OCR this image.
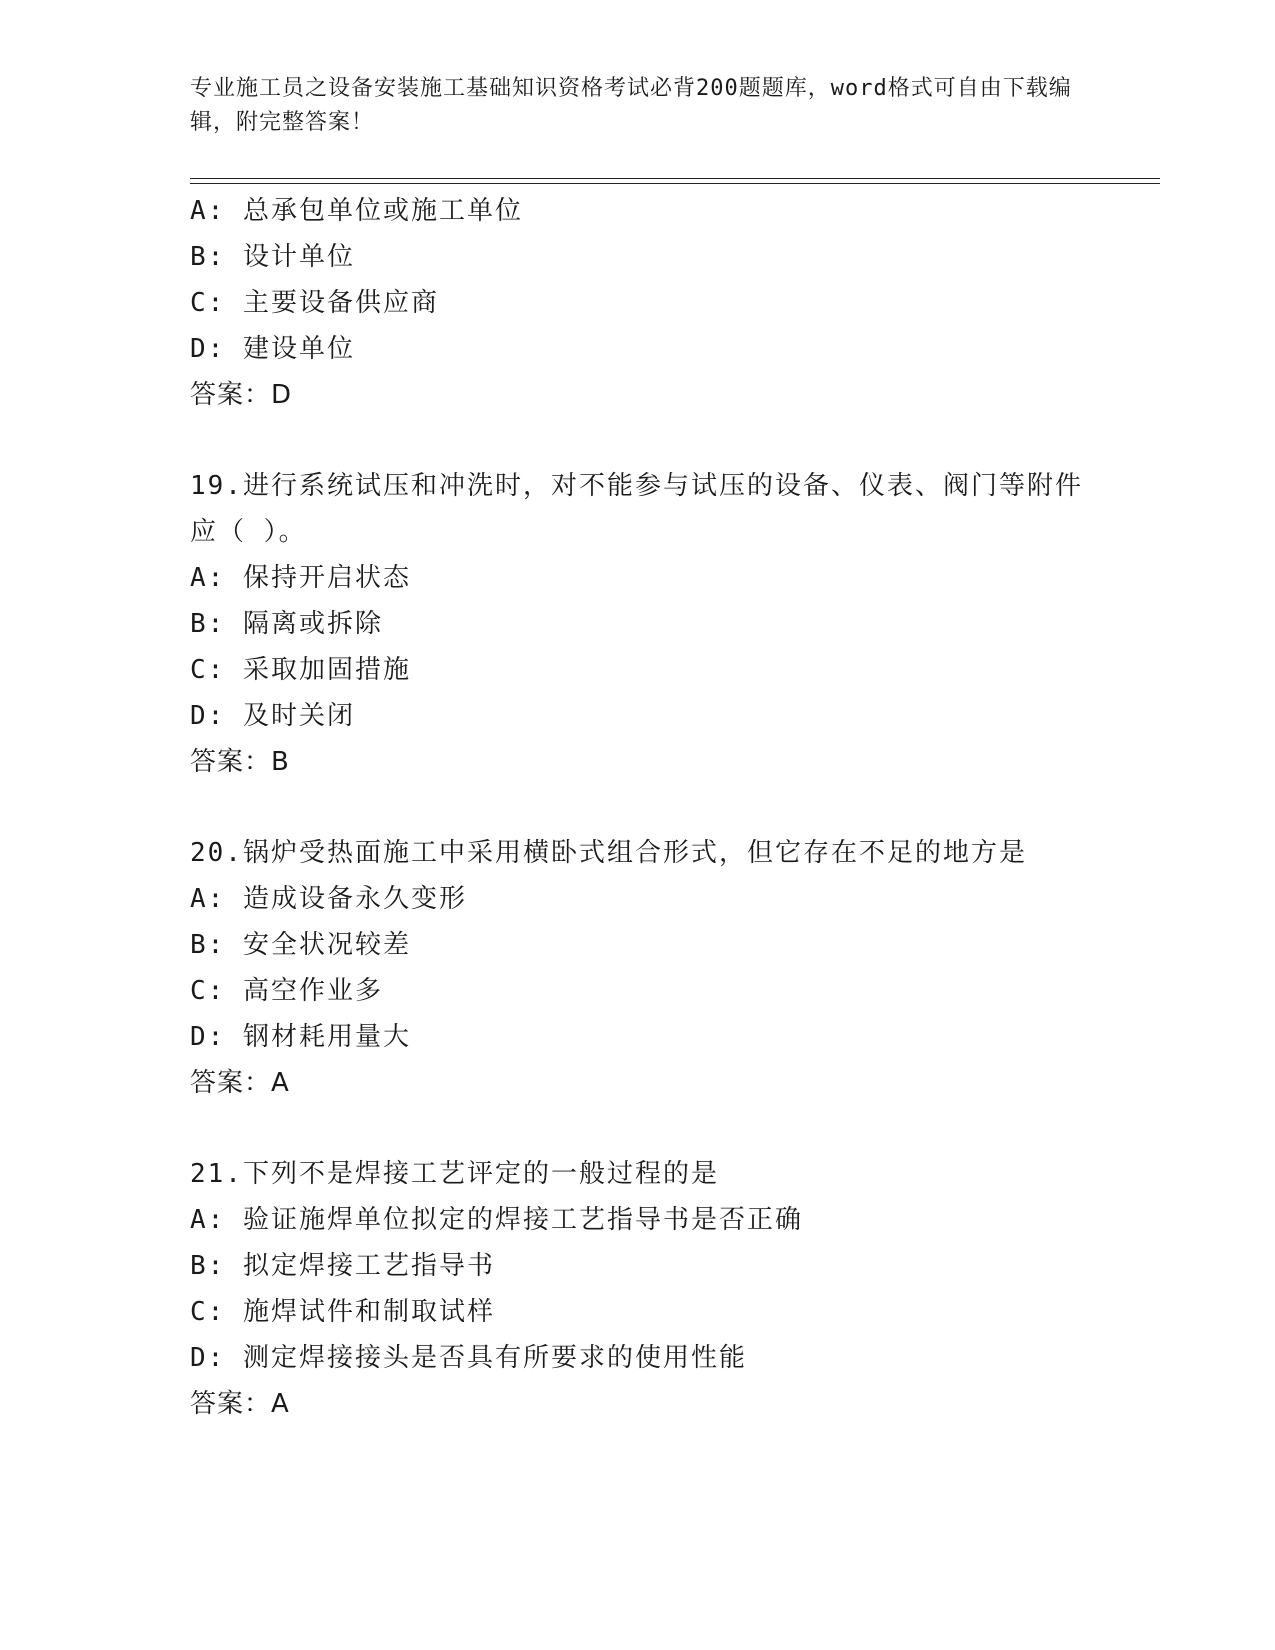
专业施工员之设备安装施工基础知识资格考试必背200题题库，word格式可自由下载编辑，附完整答案！
A: 总承包单位或施工单位
B: 设计单位
C: 主要设备供应商
D: 建设单位
答案：D
19.进行系统试压和冲洗时，对不能参与试压的设备、仪表、阀门等附件应（ ）。
A: 保持开启状态
B: 隔离或拆除
C: 采取加固措施
D: 及时关闭
答案：B
20.锅炉受热面施工中采用横卧式组合形式，但它存在不足的地方是
A: 造成设备永久变形
B: 安全状况较差
C: 高空作业多
D: 钢材耗用量大
答案：A
21.下列不是焊接工艺评定的一般过程的是
A: 验证施焊单位拟定的焊接工艺指导书是否正确
B: 拟定焊接工艺指导书
C: 施焊试件和制取试样
D: 测定焊接接头是否具有所要求的使用性能
答案：A
